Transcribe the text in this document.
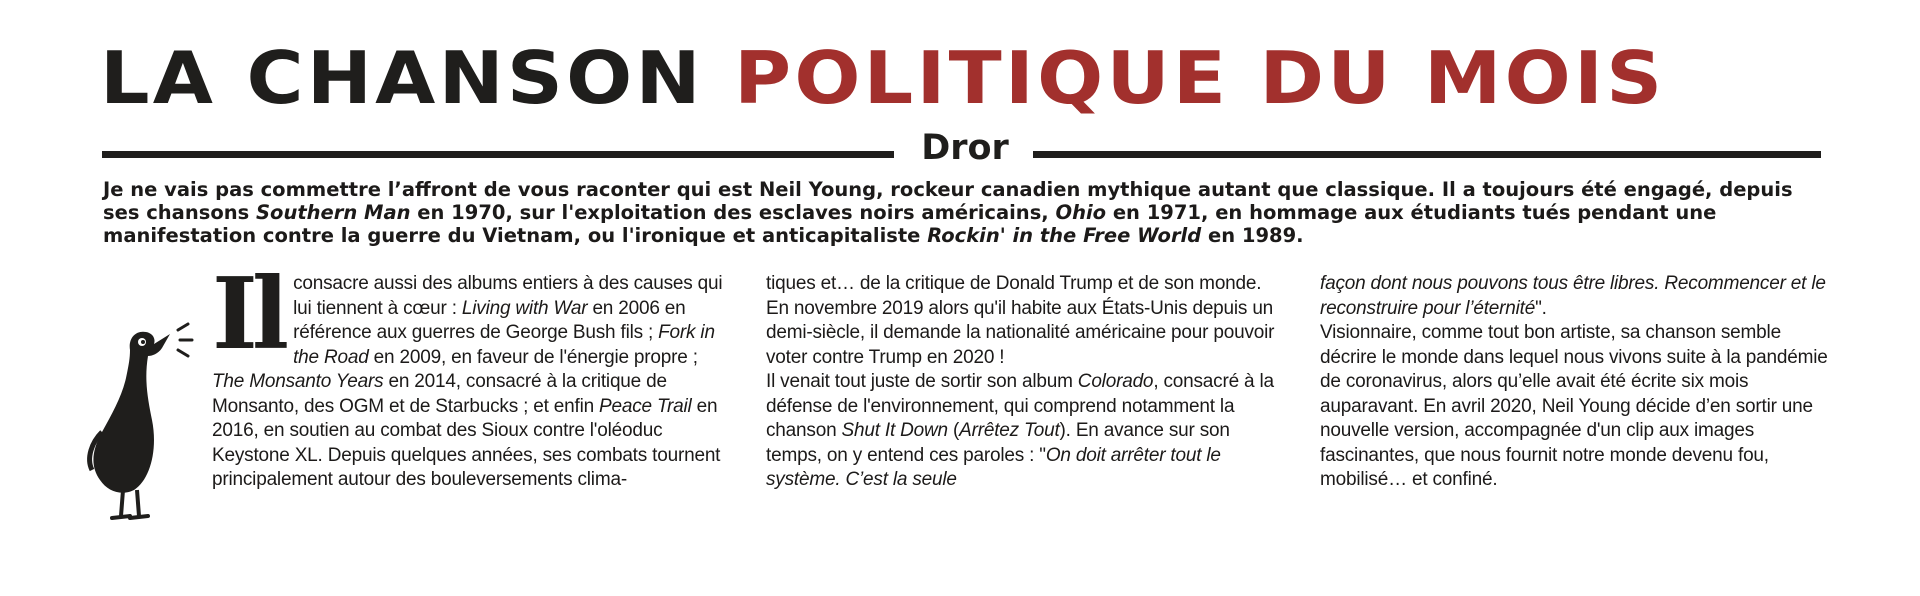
LA CHANSON POLITIQUE DU MOIS
Dror

Je ne vais pas commettre l’affront de vous raconter qui est Neil Young, rockeur canadien mythique autant que classique. Il a toujours été engagé, depuis ses chansons Southern Man en 1970, sur l'exploitation des esclaves noirs américains, Ohio en 1971, en hommage aux étudiants tués pendant une manifestation contre la guerre du Vietnam, ou l'ironique et anticapitaliste Rockin' in the Free World en 1989.

Il consacre aussi des albums entiers à des causes qui lui tiennent à cœur : Living with War en 2006 en référence aux guerres de George Bush fils ; Fork in the Road en 2009, en faveur de l'énergie propre ; The Monsanto Years en 2014, consacré à la critique de Monsanto, des OGM et de Starbucks ; et enfin Peace Trail en 2016, en soutien au combat des Sioux contre l'oléoduc Keystone XL. Depuis quelques années, ses combats tournent principalement autour des bouleversements clima-

tiques et… de la critique de Donald Trump et de son monde. En novembre 2019 alors qu'il habite aux États-Unis depuis un demi-siècle, il demande la nationalité américaine pour pouvoir voter contre Trump en 2020 !

Il venait tout juste de sortir son album Colorado, consacré à la défense de l'environnement, qui comprend notamment la chanson Shut It Down (Arrêtez Tout). En avance sur son temps, on y entend ces paroles : "On doit arrêter tout le système. C’est la seule

façon dont nous pouvons tous être libres. Recommencer et le reconstruire pour l’éternité".

Visionnaire, comme tout bon artiste, sa chanson semble décrire le monde dans lequel nous vivons suite à la pandémie de coronavirus, alors qu’elle avait été écrite six mois auparavant. En avril 2020, Neil Young décide d’en sortir une nouvelle version, accompagnée d'un clip aux images fascinantes, que nous fournit notre monde devenu fou, mobilisé… et confiné.
